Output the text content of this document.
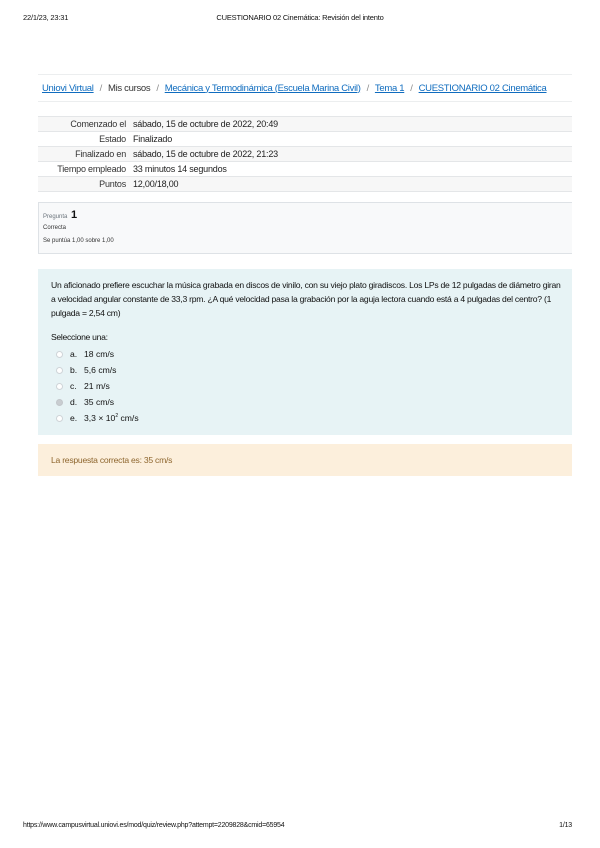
22/1/23, 23:31	CUESTIONARIO 02 Cinemática: Revisión del intento
Uniovi Virtual / Mis cursos / Mecánica y Termodinámica (Escuela Marina Civil) / Tema 1 / CUESTIONARIO 02 Cinemática
Comenzado el	sábado, 15 de octubre de 2022, 20:49
Estado	Finalizado
Finalizado en	sábado, 15 de octubre de 2022, 21:23
Tiempo empleado	33 minutos 14 segundos
Puntos	12,00/18,00
Pregunta 1
Correcta
Se puntúa 1,00 sobre 1,00
Un aficionado prefiere escuchar la música grabada en discos de vinilo, con su viejo plato giradiscos. Los LPs de 12 pulgadas de diámetro giran
a velocidad angular constante de 33,3 rpm. ¿A qué velocidad pasa la grabación por la aguja lectora cuando está a 4 pulgadas del centro? (1
pulgada = 2,54 cm)
Seleccione una:
a. 18 cm/s
b. 5,6 cm/s
c. 21 m/s
d. 35 cm/s
e. $3,3 \times 10^2$ cm/s
La respuesta correcta es: 35 cm/s
https://www.campusvirtual.uniovi.es/mod/quiz/review.php?attempt=2209828&cmid=65954	1/13
